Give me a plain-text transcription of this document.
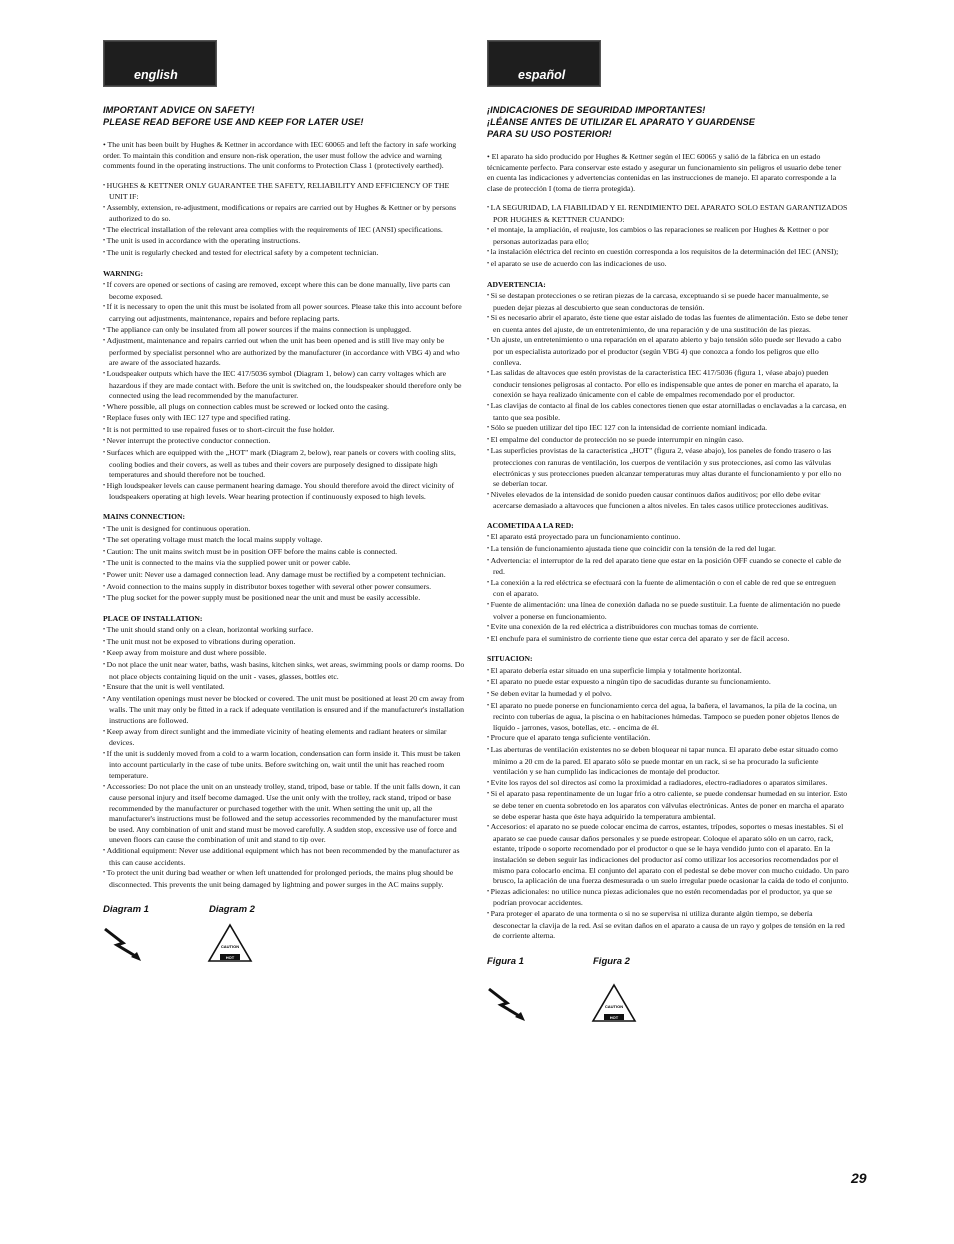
english
IMPORTANT ADVICE ON SAFETY!
PLEASE READ BEFORE USE AND KEEP FOR LATER USE!

• The unit has been built by Hughes & Kettner in accordance with IEC 60065 and left the factory in safe working order. To maintain this condition and ensure non-risk operation, the user must follow the advice and warning comments found in the operating instructions. The unit conforms to Protection Class 1 (protectively earthed).

• HUGHES & KETTNER ONLY GUARANTEE THE SAFETY, RELIABILITY AND EFFICIENCY OF THE UNIT IF:
• Assembly, extension, re-adjustment, modifications or repairs are carried out by Hughes & Kettner or by persons authorized to do so.
• The electrical installation of the relevant area complies with the requirements of IEC (ANSI) specifications.
• The unit is used in accordance with the operating instructions.
• The unit is regularly checked and tested for electrical safety by a competent technician.
WARNING:
• If covers are opened or sections of casing are removed, except where this can be done manually, live parts can become exposed.
• If it is necessary to open the unit this must be isolated from all power sources. Please take this into account before carrying out adjustments, maintenance, repairs and before replacing parts.
• The appliance can only be insulated from all power sources if the mains connection is unplugged.
• Adjustment, maintenance and repairs carried out when the unit has been opened and is still live may only be performed by specialist personnel who are authorized by the manufacturer (in accordance with VBG 4) and who are aware of the associated hazards.
• Loudspeaker outputs which have the IEC 417/5036 symbol (Diagram 1, below) can carry voltages which are hazardous if they are made contact with. Before the unit is switched on, the loudspeaker should therefore only be connected using the lead recommended by the manufacturer.
• Where possible, all plugs on connection cables must be screwed or locked onto the casing.
• Replace fuses only with IEC 127 type and specified rating.
• It is not permitted to use repaired fuses or to short-circuit the fuse holder.
• Never interrupt the protective conductor connection.
• Surfaces which are equipped with the „HOT" mark (Diagram 2, below), rear panels or covers with cooling slits, cooling bodies and their covers, as well as tubes and their covers are purposely designed to dissipate high temperatures and should therefore not be touched.
• High loudspeaker levels can cause permanent hearing damage. You should therefore avoid the direct vicinity of loudspeakers operating at high levels. Wear hearing protection if continuously exposed to high levels.
MAINS CONNECTION:
• The unit is designed for continuous operation.
• The set operating voltage must match the local mains supply voltage.
• Caution: The unit mains switch must be in position OFF before the mains cable is connected.
• The unit is connected to the mains via the supplied power unit or power cable.
• Power unit: Never use a damaged connection lead. Any damage must be rectified by a competent technician.
• Avoid connection to the mains supply in distributor boxes together with several other power consumers.
• The plug socket for the power supply must be positioned near the unit and must be easily accessible.
PLACE OF INSTALLATION:
• The unit should stand only on a clean, horizontal working surface.
• The unit must not be exposed to vibrations during operation.
• Keep away from moisture and dust where possible.
• Do not place the unit near water, baths, wash basins, kitchen sinks, wet areas, swimming pools or damp rooms. Do not place objects containing liquid on the unit - vases, glasses, bottles etc.
• Ensure that the unit is well ventilated.
• Any ventilation openings must never be blocked or covered. The unit must be positioned at least 20 cm away from walls. The unit may only be fitted in a rack if adequate ventilation is ensured and if the manufacturer's installation instructions are followed.
• Keep away from direct sunlight and the immediate vicinity of heating elements and radiant heaters or similar devices.
• If the unit is suddenly moved from a cold to a warm location, condensation can form inside it. This must be taken into account particularly in the case of tube units. Before switching on, wait until the unit has reached room temperature.
• Accessories: Do not place the unit on an unsteady trolley, stand, tripod, base or table. If the unit falls down, it can cause personal injury and itself become damaged. Use the unit only with the trolley, rack stand, tripod or base recommended by the manufacturer or purchased together with the unit. When setting the unit up, all the manufacturer's instructions must be followed and the setup accessories recommended by the manufacturer must be used. Any combination of unit and stand must be moved carefully. A sudden stop, excessive use of force and uneven floors can cause the combination of unit and stand to tip over.
• Additional equipment: Never use additional equipment which has not been recommended by the manufacturer as this can cause accidents.
• To protect the unit during bad weather or when left unattended for prolonged periods, the mains plug should be disconnected. This prevents the unit being damaged by lightning and power surges in the AC mains supply.
Diagram 1	Diagram 2
CAUTION
HOT
español
¡INDICACIONES DE SEGURIDAD IMPORTANTES!
¡LÉANSE ANTES DE UTILIZAR EL APARATO Y GUARDENSE
PARA SU USO POSTERIOR!

• El aparato ha sido producido por Hughes & Kettner según el IEC 60065 y salió de la fábrica en un estado técnicamente perfecto. Para conservar este estado y asegurar un funcionamiento sin peligros el usuario debe tener en cuenta las indicaciones y advertencias contenidas en las instrucciones de manejo. El aparato corresponde a la clase de protección I (toma de tierra protegida).

• LA SEGURIDAD, LA FIABILIDAD Y EL RENDIMIENTO DEL APARATO SOLO ESTAN GARANTIZADOS POR HUGHES & KETTNER CUANDO:
• el montaje, la ampliación, el reajuste, los cambios o las reparaciones se realicen por Hughes & Kettner o por personas autorizadas para ello;
• la instalación eléctrica del recinto en cuestión corresponda a los requisitos de la determinación del IEC (ANSI);
• el aparato se use de acuerdo con las indicaciones de uso.
ADVERTENCIA:
• Si se destapan protecciones o se retiran piezas de la carcasa, exceptuando si se puede hacer manualmente, se pueden dejar piezas al descubierto que sean conductoras de tensión.
• Si es necesario abrir el aparato, éste tiene que estar aislado de todas las fuentes de alimentación. Esto se debe tener en cuenta antes del ajuste, de un entretenimiento, de una reparación y de una sustitución de las piezas.
• Un ajuste, un entretenimiento o una reparación en el aparato abierto y bajo tensión sólo puede ser llevado a cabo por un especialista autorizado por el productor (según VBG 4) que conozca a fondo los peligros que ello conlleva.
• Las salidas de altavoces que estén provistas de la característica IEC 417/5036 (figura 1, véase abajo) pueden conducir tensiones peligrosas al contacto. Por ello es indispensable que antes de poner en marcha el aparato, la conexión se haya realizado únicamente con el cable de empalmes recomendado por el productor.
• Las clavijas de contacto al final de los cables conectores tienen que estar atornilladas o enclavadas a la carcasa, en tanto que sea posible.
• Sólo se pueden utilizar del tipo IEC 127 con la intensidad de corriente nomianl indicada.
• El empalme del conductor de protección no se puede interrumpir en ningún caso.
• Las superficies provistas de la característica „HOT" (figura 2, véase abajo), los paneles de fondo trasero o las protecciones con ranuras de ventilación, los cuerpos de ventilación y sus protecciones, así como las válvulas electrónicas y sus protecciones pueden alcanzar temperaturas muy altas durante el funcionamiento y por ello no se deberían tocar.
• Niveles elevados de la intensidad de sonido pueden causar continuos daños auditivos; por ello debe evitar acercarse demasiado a altavoces que funcionen a altos niveles. En tales casos utilice protecciones auditivas.
ACOMETIDA A LA RED:
• El aparato está proyectado para un funcionamiento continuo.
• La tensión de funcionamiento ajustada tiene que coincidir con la tensión de la red del lugar.
• Advertencia: el interruptor de la red del aparato tiene que estar en la posición OFF cuando se conecte el cable de red.
• La conexión a la red eléctrica se efectuará con la fuente de alimentación o con el cable de red que se entreguen con el aparato.
• Fuente de alimentación: una línea de conexión dañada no se puede sustituir. La fuente de alimentación no puede volver a ponerse en funcionamiento.
• Evite una conexión de la red eléctrica a distribuidores con muchas tomas de corriente.
• El enchufe para el suministro de corriente tiene que estar cerca del aparato y ser de fácil acceso.
SITUACION:
• El aparato debería estar situado en una superficie limpia y totalmente horizontal.
• El aparato no puede estar expuesto a ningún tipo de sacudidas durante su funcionamiento.
• Se deben evitar la humedad y el polvo.
• El aparato no puede ponerse en funcionamiento cerca del agua, la bañera, el lavamanos, la pila de la cocina, un recinto con tuberías de agua, la piscina o en habitaciones húmedas. Tampoco se pueden poner objetos llenos de líquido - jarrones, vasos, botellas, etc. - encima de él.
• Procure que el aparato tenga suficiente ventilación.
• Las aberturas de ventilación existentes no se deben bloquear ni tapar nunca. El aparato debe estar situado como mínimo a 20 cm de la pared. El aparato sólo se puede montar en un rack, si se ha procurado la suficiente ventilación y se han cumplido las indicaciones de montaje del productor.
• Evite los rayos del sol directos así como la proximidad a radiadores, electro-radiadores o aparatos similares.
• Si el aparato pasa repentinamente de un lugar frío a otro caliente, se puede condensar humedad en su interior. Esto se debe tener en cuenta sobretodo en los aparatos con válvulas electrónicas. Antes de poner en marcha el aparato se debe esperar hasta que éste haya adquirido la temperatura ambiental.
• Accesorios: el aparato no se puede colocar encima de carros, estantes, trípodes, soportes o mesas inestables. Si el aparato se cae puede causar daños personales y se puede estropear. Coloque el aparato sólo en un carro, rack, estante, trípode o soporte recomendado por el productor o que se le haya vendido junto con el aparato. En la instalación se deben seguir las indicaciones del productor así como utilizar los accesorios recomendados por el mismo para colocarlo encima. El conjunto del aparato con el pedestal se debe mover con mucho cuidado. Un paro brusco, la aplicación de una fuerza desmesurada o un suelo irregular puede ocasionar la caída de todo el conjunto.
• Piezas adicionales: no utilice nunca piezas adicionales que no estén recomendadas por el productor, ya que se podrían provocar accidentes.
• Para proteger el aparato de una tormenta o si no se supervisa ni utiliza durante algún tiempo, se debería desconectar la clavija de la red. Así se evitan daños en el aparato a causa de un rayo y golpes de tensión en la red de corriente alterna.
Figura 1	Figura 2
CAUTION
HOT
29
